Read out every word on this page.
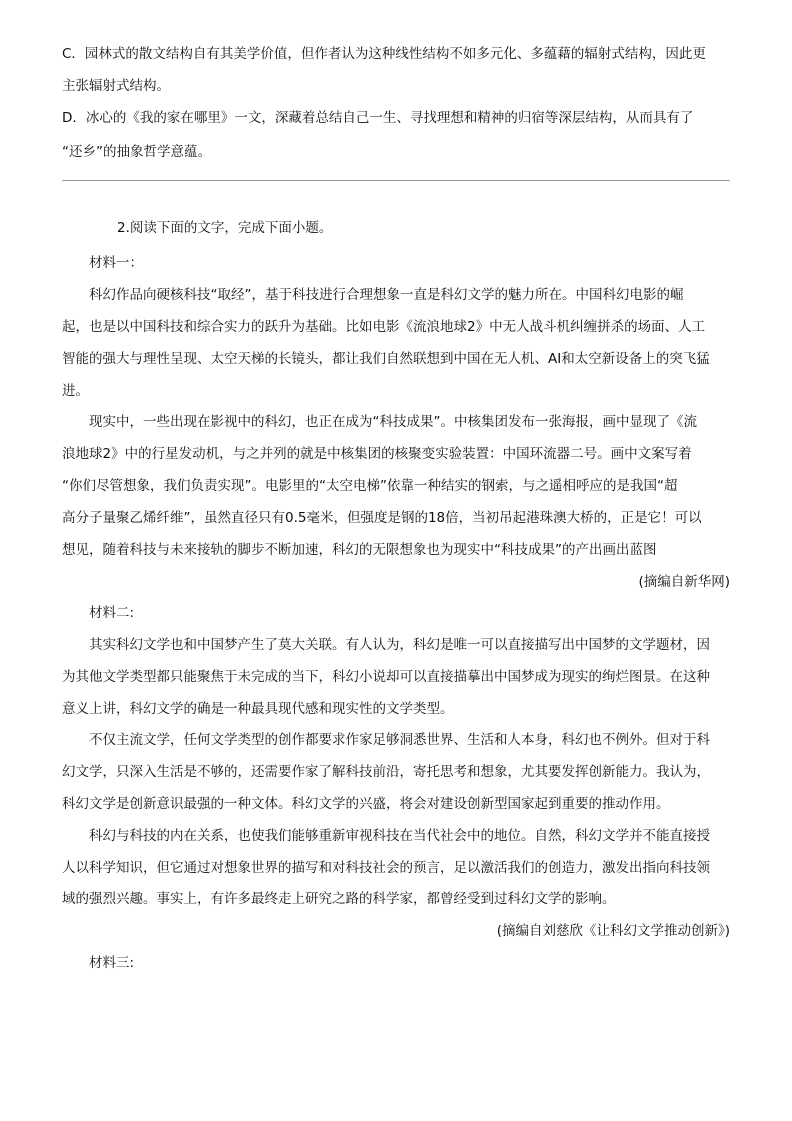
C．园林式的散文结构自有其美学价值，但作者认为这种线性结构不如多元化、多蕴藉的辐射式结构，因此更
主张辐射式结构。
D．冰心的《我的家在哪里》一文，深藏着总结自己一生、寻找理想和精神的归宿等深层结构，从而具有了
“还乡”的抽象哲学意蕴。
2.阅读下面的文字，完成下面小题。
材料一：
科幻作品向硬核科技“取经”，基于科技进行合理想象一直是科幻文学的魅力所在。中国科幻电影的崛
起，也是以中国科技和综合实力的跃升为基础。比如电影《流浪地球2》中无人战斗机纠缠拼杀的场面、人工
智能的强大与理性呈现、太空天梯的长镜头，都让我们自然联想到中国在无人机、AI和太空新设备上的突飞猛
进。
现实中，一些出现在影视中的科幻，也正在成为“科技成果”。中核集团发布一张海报，画中显现了《流
浪地球2》中的行星发动机，与之并列的就是中核集团的核聚变实验装置：中国环流器二号。画中文案写着
“你们尽管想象，我们负责实现”。电影里的“太空电梯”依靠一种结实的钢索，与之遥相呼应的是我国“超
高分子量聚乙烯纤维”，虽然直径只有0.5毫米，但强度是钢的18倍，当初吊起港珠澳大桥的，正是它！可以
想见，随着科技与未来接轨的脚步不断加速，科幻的无限想象也为现实中“科技成果”的产出画出蓝图
(摘编自新华网)
材料二:
其实科幻文学也和中国梦产生了莫大关联。有人认为，科幻是唯一可以直接描写出中国梦的文学题材，因
为其他文学类型都只能聚焦于未完成的当下，科幻小说却可以直接描摹出中国梦成为现实的绚烂图景。在这种
意义上讲，科幻文学的确是一种最具现代感和现实性的文学类型。
不仅主流文学，任何文学类型的创作都要求作家足够洞悉世界、生活和人本身，科幻也不例外。但对于科
幻文学，只深入生活是不够的，还需要作家了解科技前沿，寄托思考和想象，尤其要发挥创新能力。我认为，
科幻文学是创新意识最强的一种文体。科幻文学的兴盛，将会对建设创新型国家起到重要的推动作用。
科幻与科技的内在关系，也使我们能够重新审视科技在当代社会中的地位。自然，科幻文学并不能直接授
人以科学知识，但它通过对想象世界的描写和对科技社会的预言，足以激活我们的创造力，激发出指向科技领
域的强烈兴趣。事实上，有许多最终走上研究之路的科学家，都曾经受到过科幻文学的影响。
(摘编自刘慈欣《让科幻文学推动创新》)
材料三:
